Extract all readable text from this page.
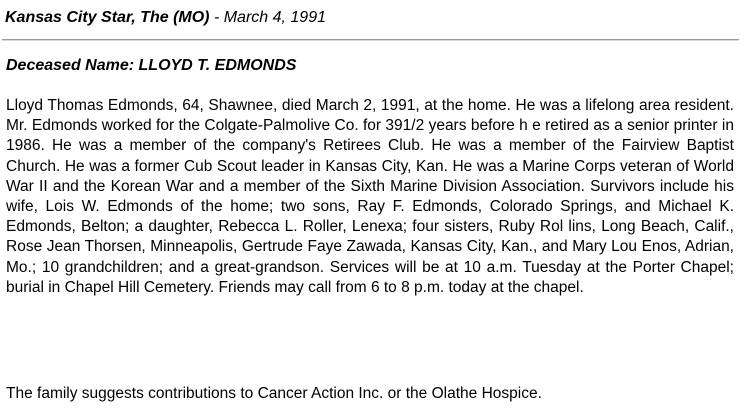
Kansas City Star, The (MO) - March 4, 1991
Deceased Name: LLOYD T. EDMONDS

Lloyd Thomas Edmonds, 64, Shawnee, died March 2, 1991, at the home. He was a lifelong area resident. Mr. Edmonds worked for the Colgate-Palmolive Co. for 391/2 years before h e retired as a senior printer in 1986. He was a member of the company's Retirees Club. He was a member of the Fairview Baptist Church. He was a former Cub Scout leader in Kansas City, Kan. He was a Marine Corps veteran of World War II and the Korean War and a member of the Sixth Marine Division Association. Survivors include his wife, Lois W. Edmonds of the home; two sons, Ray F. Edmonds, Colorado Springs, and Michael K. Edmonds, Belton; a daughter, Rebecca L. Roller, Lenexa; four sisters, Ruby Rol lins, Long Beach, Calif., Rose Jean Thorsen, Minneapolis, Gertrude Faye Zawada, Kansas City, Kan., and Mary Lou Enos, Adrian, Mo.; 10 grandchildren; and a great-grandson. Services will be at 10 a.m. Tuesday at the Porter Chapel; burial in Chapel Hill Cemetery. Friends may call from 6 to 8 p.m. today at the chapel.

The family suggests contributions to Cancer Action Inc. or the Olathe Hospice.
